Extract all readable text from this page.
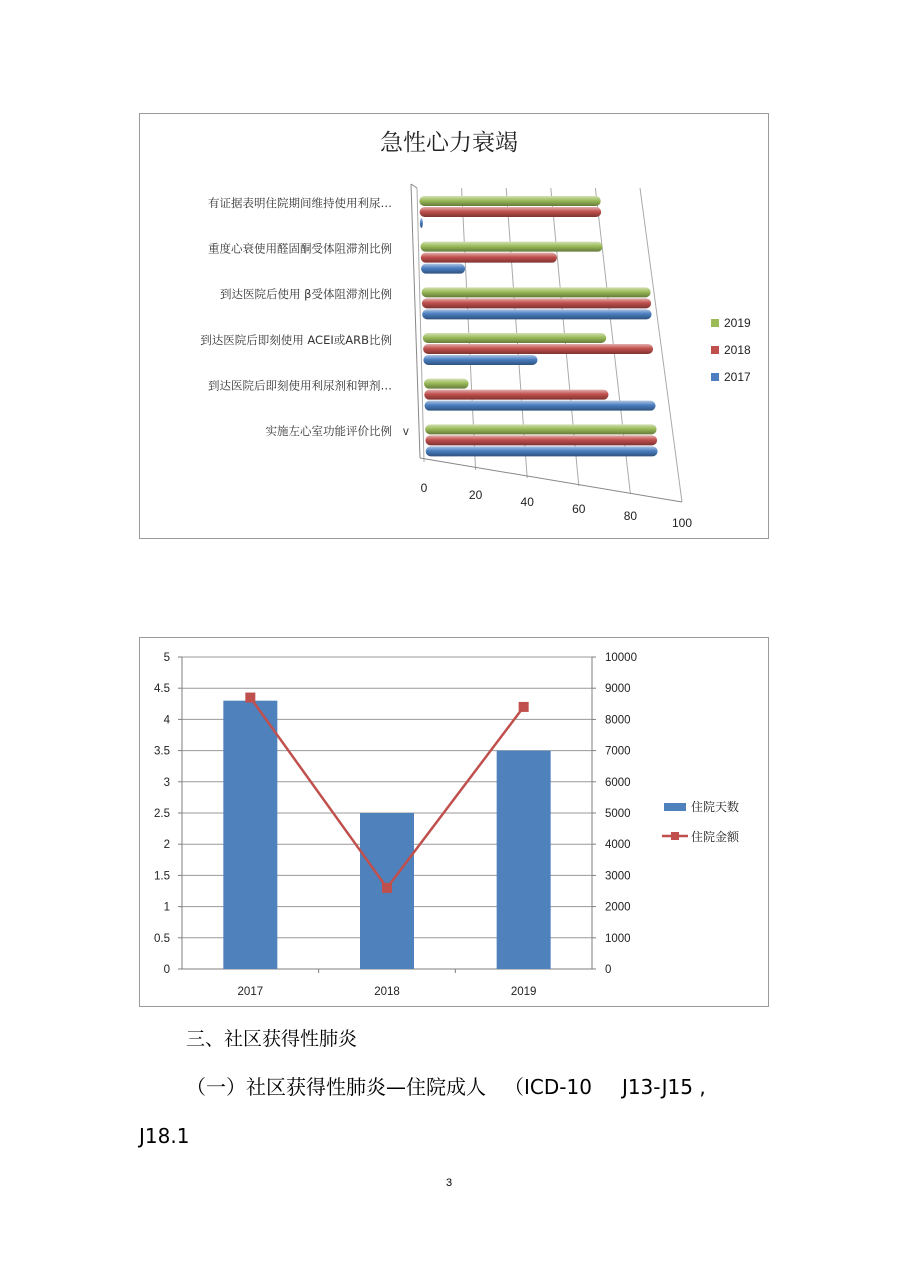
急性心力衰竭
0	20	40	60	80	100
实施左心室功能评价比例
到达医院后即刻使用利尿剂和钾剂…
到达医院后即刻使用 ACEI或ARB比例
到达医院后使用 β受体阻滞剂比例
重度心衰使用醛固酮受体阻滞剂比例
有证据表明住院期间维持使用利尿…
v
2019
2018
2017
0
0.5
1
1.5
2
2.5
3
3.5
4
4.5
5
0
1000
2000
3000
4000
5000
6000
7000
8000
9000
10000
2017	2018	2019
住院天数
住院金额
三、社区获得性肺炎
（一）社区获得性肺炎—住院成人 （ICD-10 J13-J15 ,
J18.1
3
